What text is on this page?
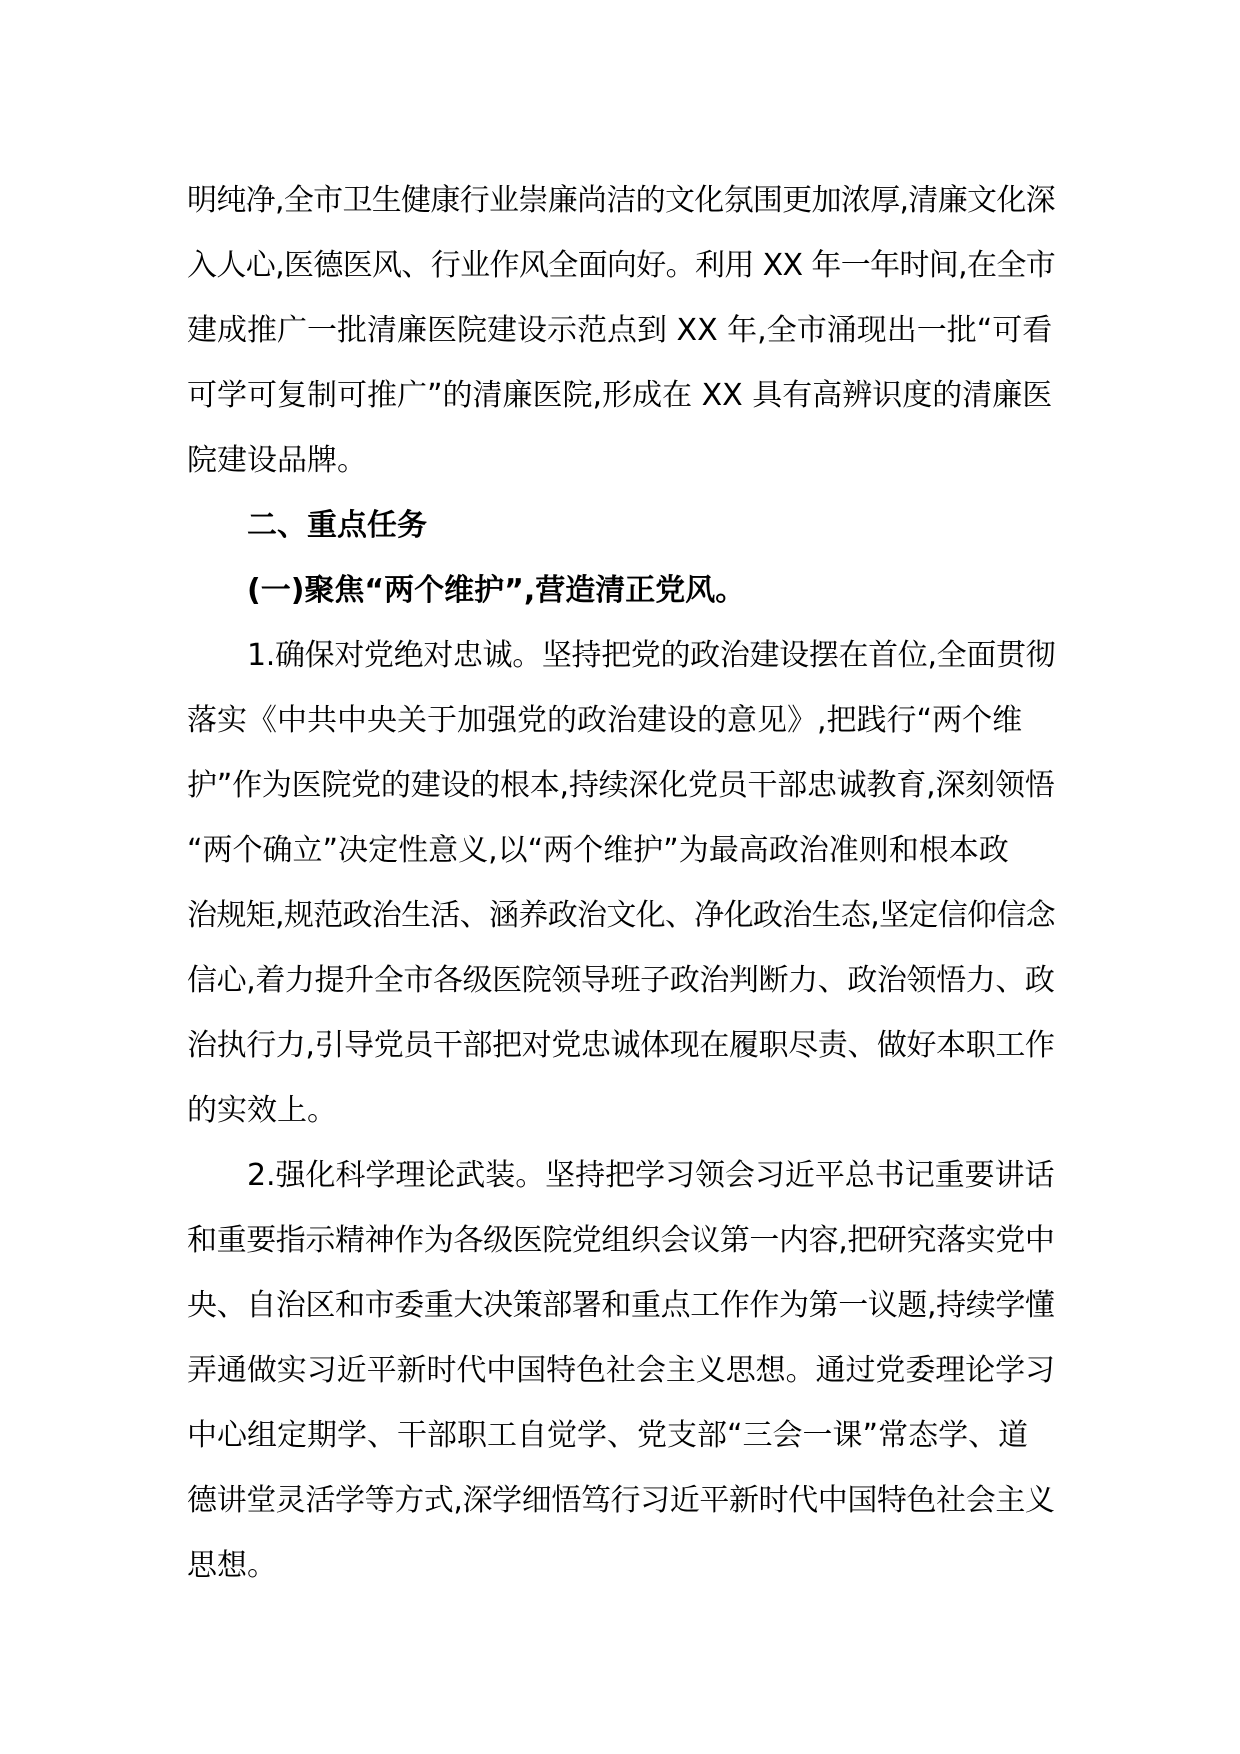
明纯净,全市卫生健康行业崇廉尚洁的文化氛围更加浓厚,清廉文化深
入人心,医德医风、行业作风全面向好。利用 XX 年一年时间,在全市
建成推广一批清廉医院建设示范点到 XX 年,全市涌现出一批“可看
可学可复制可推广”的清廉医院,形成在 XX 具有高辨识度的清廉医
院建设品牌。
二、重点任务
(一)聚焦“两个维护”,营造清正党风。
1.确保对党绝对忠诚。坚持把党的政治建设摆在首位,全面贯彻
落实《中共中央关于加强党的政治建设的意见》,把践行“两个维
护”作为医院党的建设的根本,持续深化党员干部忠诚教育,深刻领悟
“两个确立”决定性意义,以“两个维护”为最高政治准则和根本政
治规矩,规范政治生活、涵养政治文化、净化政治生态,坚定信仰信念
信心,着力提升全市各级医院领导班子政治判断力、政治领悟力、政
治执行力,引导党员干部把对党忠诚体现在履职尽责、做好本职工作
的实效上。
2.强化科学理论武装。坚持把学习领会习近平总书记重要讲话
和重要指示精神作为各级医院党组织会议第一内容,把研究落实党中
央、自治区和市委重大决策部署和重点工作作为第一议题,持续学懂
弄通做实习近平新时代中国特色社会主义思想。通过党委理论学习
中心组定期学、干部职工自觉学、党支部“三会一课”常态学、道
德讲堂灵活学等方式,深学细悟笃行习近平新时代中国特色社会主义
思想。
